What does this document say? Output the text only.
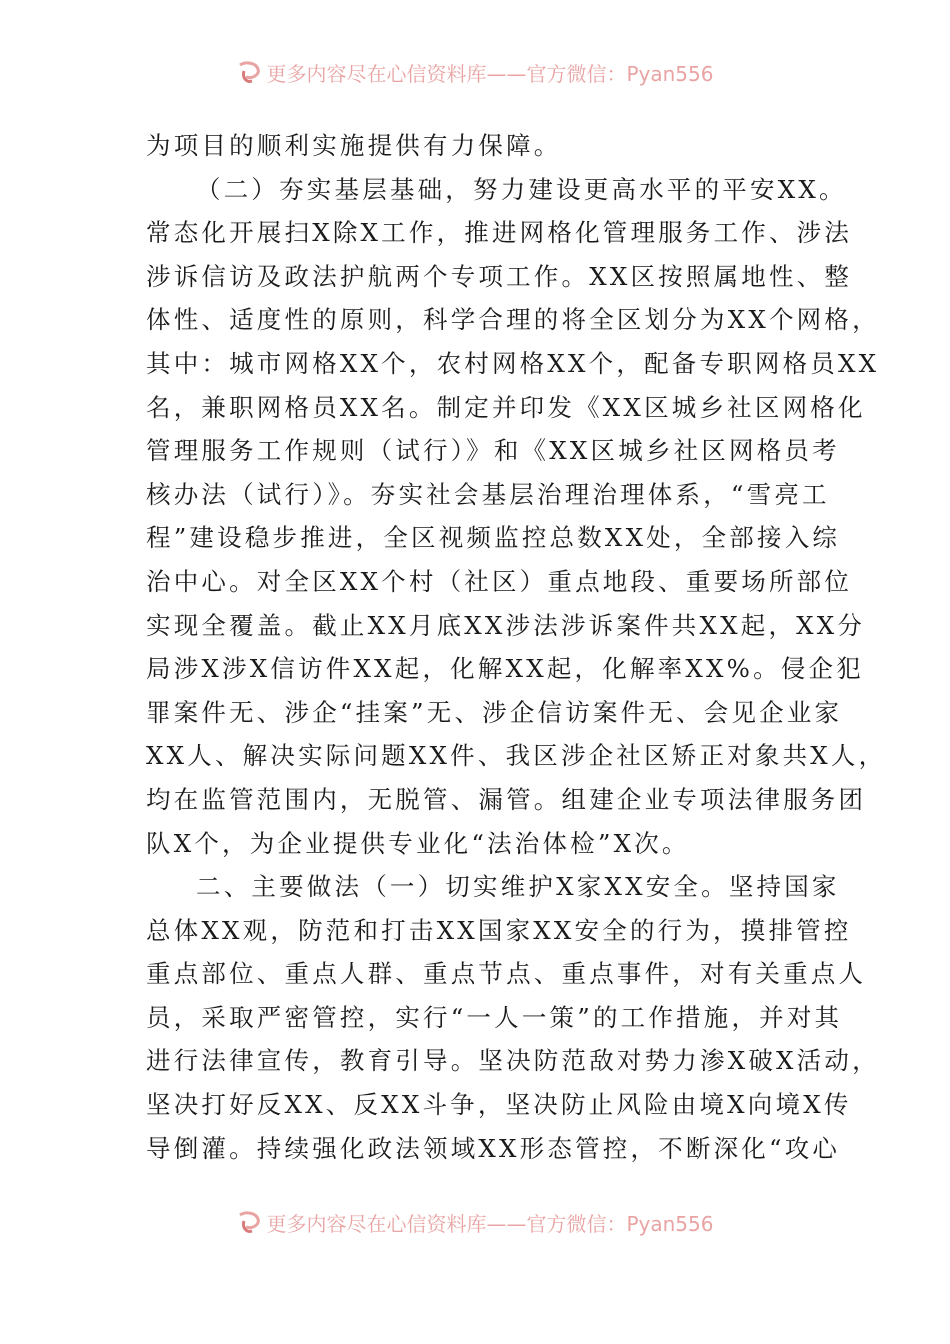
更多内容尽在心信资料库——官方微信：Pyan556
为项目的顺利实施提供有力保障。
（二）夯实基层基础，努力建设更高水平的平安XX。
常态化开展扫X除X工作，推进网格化管理服务工作、涉法
涉诉信访及政法护航两个专项工作。XX区按照属地性、整
体性、适度性的原则，科学合理的将全区划分为XX个网格，
其中：城市网格XX个，农村网格XX个，配备专职网格员XX
名，兼职网格员XX名。制定并印发《XX区城乡社区网格化
管理服务工作规则（试行）》和《XX区城乡社区网格员考
核办法（试行）》。夯实社会基层治理治理体系，“雪亮工
程”建设稳步推进，全区视频监控总数XX处，全部接入综
治中心。对全区XX个村（社区）重点地段、重要场所部位
实现全覆盖。截止XX月底XX涉法涉诉案件共XX起，XX分
局涉X涉X信访件XX起，化解XX起，化解率XX%。侵企犯
罪案件无、涉企“挂案”无、涉企信访案件无、会见企业家
XX人、解决实际问题XX件、我区涉企社区矫正对象共X人，
均在监管范围内，无脱管、漏管。组建企业专项法律服务团
队X个，为企业提供专业化“法治体检”X次。
二、主要做法（一）切实维护X家XX安全。坚持国家
总体XX观，防范和打击XX国家XX安全的行为，摸排管控
重点部位、重点人群、重点节点、重点事件，对有关重点人
员，采取严密管控，实行“一人一策”的工作措施，并对其
进行法律宣传，教育引导。坚决防范敌对势力渗X破X活动，
坚决打好反XX、反XX斗争，坚决防止风险由境X向境X传
导倒灌。持续强化政法领域XX形态管控，不断深化“攻心
更多内容尽在心信资料库——官方微信：Pyan556
